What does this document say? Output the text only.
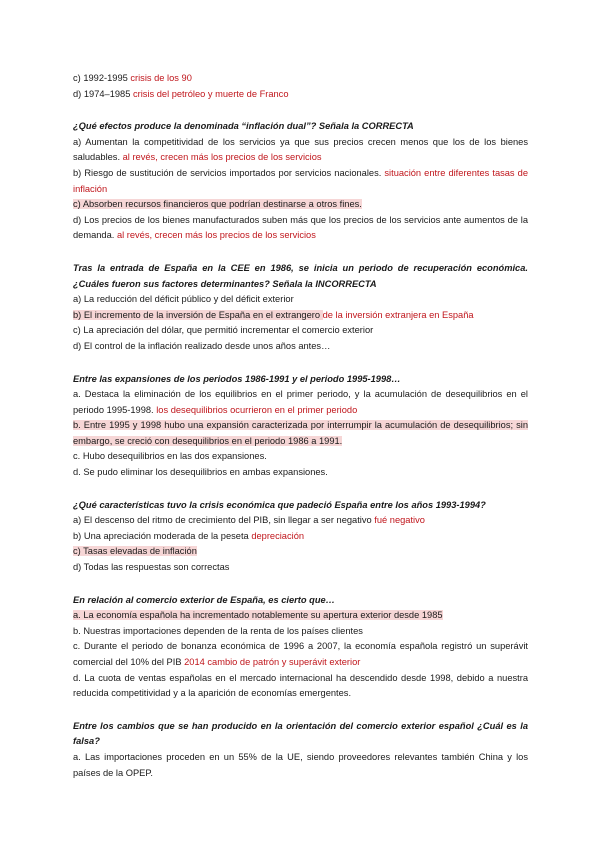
c) 1992-1995 crisis de los 90

d) 1974–1985 crisis del petróleo y muerte de Franco

¿Qué efectos produce la denominada “inflación dual”? Señala la CORRECTA

a) Aumentan la competitividad de los servicios ya que sus precios crecen menos que los de los bienes saludables. al revés, crecen más los precios de los servicios

b) Riesgo de sustitución de servicios importados por servicios nacionales. situación entre diferentes tasas de inflación

c) Absorben recursos financieros que podrían destinarse a otros fines.

d) Los precios de los bienes manufacturados suben más que los precios de los servicios ante aumentos de la demanda. al revés, crecen más los precios de los servicios

Tras la entrada de España en la CEE en 1986, se inicia un periodo de recuperación económica. ¿Cuáles fueron sus factores determinantes? Señala la INCORRECTA

a) La reducción del déficit público y del déficit exterior

b) El incremento de la inversión de España en el extrangero de la inversión extranjera en España

c) La apreciación del dólar, que permitió incrementar el comercio exterior

d) El control de la inflación realizado desde unos años antes…

Entre las expansiones de los periodos 1986-1991 y el periodo 1995-1998…

a. Destaca la eliminación de los equilibrios en el primer periodo, y la acumulación de desequilibrios en el periodo 1995-1998. los desequilibrios ocurrieron en el primer periodo

b. Entre 1995 y 1998 hubo una expansión caracterizada por interrumpir la acumulación de desequilibrios; sin embargo, se creció con desequilibrios en el periodo 1986 a 1991.

c. Hubo desequilibrios en las dos expansiones.

d. Se pudo eliminar los desequilibrios en ambas expansiones.

¿Qué características tuvo la crisis económica que padeció España entre los años 1993-1994?

a) El descenso del ritmo de crecimiento del PIB, sin llegar a ser negativo fué negativo

b) Una apreciación moderada de la peseta depreciación

c) Tasas elevadas de inflación

d) Todas las respuestas son correctas

En relación al comercio exterior de España, es cierto que…

a. La economía española ha incrementado notablemente su apertura exterior desde 1985

b. Nuestras importaciones dependen de la renta de los países clientes

c. Durante el periodo de bonanza económica de 1996 a 2007, la economía española registró un superávit comercial del 10% del PIB 2014 cambio de patrón y superávit exterior

d. La cuota de ventas españolas en el mercado internacional ha descendido desde 1998, debido a nuestra reducida competitividad y a la aparición de economías emergentes.

Entre los cambios que se han producido en la orientación del comercio exterior español ¿Cuál es la falsa?

a. Las importaciones proceden en un 55% de la UE, siendo proveedores relevantes también China y los países de la OPEP.
